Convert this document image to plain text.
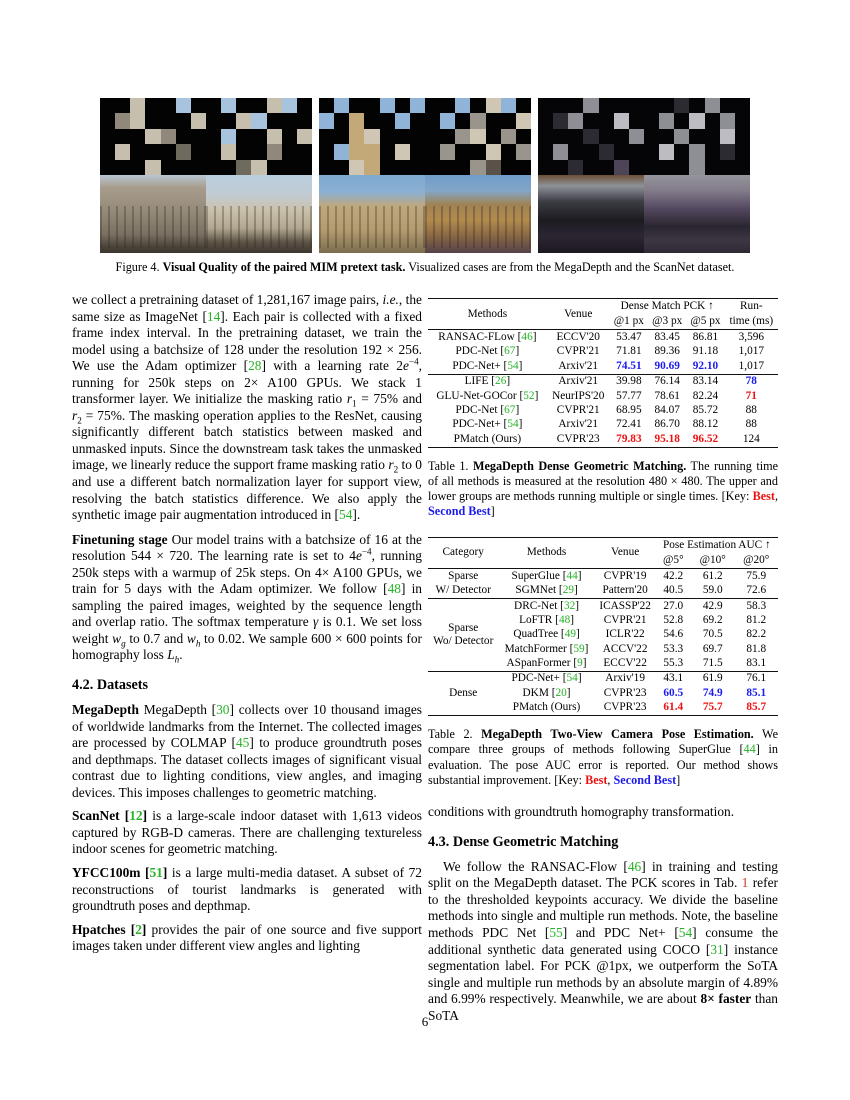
Figure 4. Visual Quality of the paired MIM pretext task. Visualized cases are from the MegaDepth and the ScanNet dataset.

we collect a pretraining dataset of 1,281,167 image pairs, i.e., the same size as ImageNet [14]. Each pair is collected with a fixed frame index interval. In the pretraining dataset, we train the model using a batchsize of 128 under the resolution 192 × 256. We use the Adam optimizer [28] with a learning rate $2e^{-4}$, running for 250k steps on 2× A100 GPUs. We stack 1 transformer layer. We initialize the masking ratio $r_1 = 75\%$ and $r_2 = 75\%$. The masking operation applies to the ResNet, causing significantly different batch statistics between masked and unmasked inputs. Since the downstream task takes the unmasked image, we linearly reduce the support frame masking ratio $r_2$ to 0 and use a different batch normalization layer for support view, resolving the batch statistics difference. We also apply the synthetic image pair augmentation introduced in [54].

Finetuning stage Our model trains with a batchsize of 16 at the resolution 544 × 720. The learning rate is set to $4e^{-4}$, running 250k steps with a warmup of 25k steps. On 4× A100 GPUs, we train for 5 days with the Adam optimizer. We follow [48] in sampling the paired images, weighted by the sequence length and overlap ratio. The softmax temperature γ is 0.1. We set loss weight $w_g$ to 0.7 and $w_h$ to 0.02. We sample 600 × 600 points for homography loss $L_h$.

4.2. Datasets

MegaDepth MegaDepth [30] collects over 10 thousand images of worldwide landmarks from the Internet. The collected images are processed by COLMAP [45] to produce groundtruth poses and depthmaps. The dataset collects images of significant visual contrast due to lighting conditions, view angles, and imaging devices. This imposes challenges to geometric matching.

ScanNet [12] is a large-scale indoor dataset with 1,613 videos captured by RGB-D cameras. There are challenging textureless indoor scenes for geometric matching.

YFCC100m [51] is a large multi-media dataset. A subset of 72 reconstructions of tourist landmarks is generated with groundtruth poses and depthmap.

Hpatches [2] provides the pair of one source and five support images taken under different view angles and lighting

Methods	Venue	Dense Match PCK ↑			Run-
		@1 px	@3 px	@5 px	time (ms)
RANSAC-FLow [46]	ECCV'20	53.47	83.45	86.81	3,596
PDC-Net [67]	CVPR'21	71.81	89.36	91.18	1,017
PDC-Net+ [54]	Arxiv'21	74.51	90.69	92.10	1,017
LIFE [26]	Arxiv'21	39.98	76.14	83.14	78
GLU-Net-GOCor [52]	NeurIPS'20	57.77	78.61	82.24	71
PDC-Net [67]	CVPR'21	68.95	84.07	85.72	88
PDC-Net+ [54]	Arxiv'21	72.41	86.70	88.12	88
PMatch (Ours)	CVPR'23	79.83	95.18	96.52	124
Table 1. MegaDepth Dense Geometric Matching. The running time of all methods is measured at the resolution 480 × 480. The upper and lower groups are methods running multiple or single times. [Key: Best, Second Best]
Category	Methods	Venue	Pose Estimation AUC ↑		
			@5°	@10°	@20°
Sparse
W/ Detector	SuperGlue [44]	CVPR'19	42.2	61.2	75.9
	SGMNet [29]	Pattern'20	40.5	59.0	72.6
Sparse
Wo/ Detector	DRC-Net [32]	ICASSP'22	27.0	42.9	58.3
	LoFTR [48]	CVPR'21	52.8	69.2	81.2
	QuadTree [49]	ICLR'22	54.6	70.5	82.2
	MatchFormer [59]	ACCV'22	53.3	69.7	81.8
	ASpanFormer [9]	ECCV'22	55.3	71.5	83.1
Dense	PDC-Net+ [54]	Arxiv'19	43.1	61.9	76.1
	DKM [20]	CVPR'23	60.5	74.9	85.1
	PMatch (Ours)	CVPR'23	61.4	75.7	85.7
Table 2. MegaDepth Two-View Camera Pose Estimation. We compare three groups of methods following SuperGlue [44] in evaluation. The pose AUC error is reported. Our method shows substantial improvement. [Key: Best, Second Best]

conditions with groundtruth homography transformation.

4.3. Dense Geometric Matching

We follow the RANSAC-Flow [46] in training and testing split on the MegaDepth dataset. The PCK scores in Tab. 1 refer to the thresholded keypoints accuracy. We divide the baseline methods into single and multiple run methods. Note, the baseline methods PDC Net [55] and PDC Net+ [54] consume the additional synthetic data generated using COCO [31] instance segmentation label. For PCK @1px, we outperform the SoTA single and multiple run methods by an absolute margin of 4.89% and 6.99% respectively. Meanwhile, we are about 8× faster than SoTA

6
